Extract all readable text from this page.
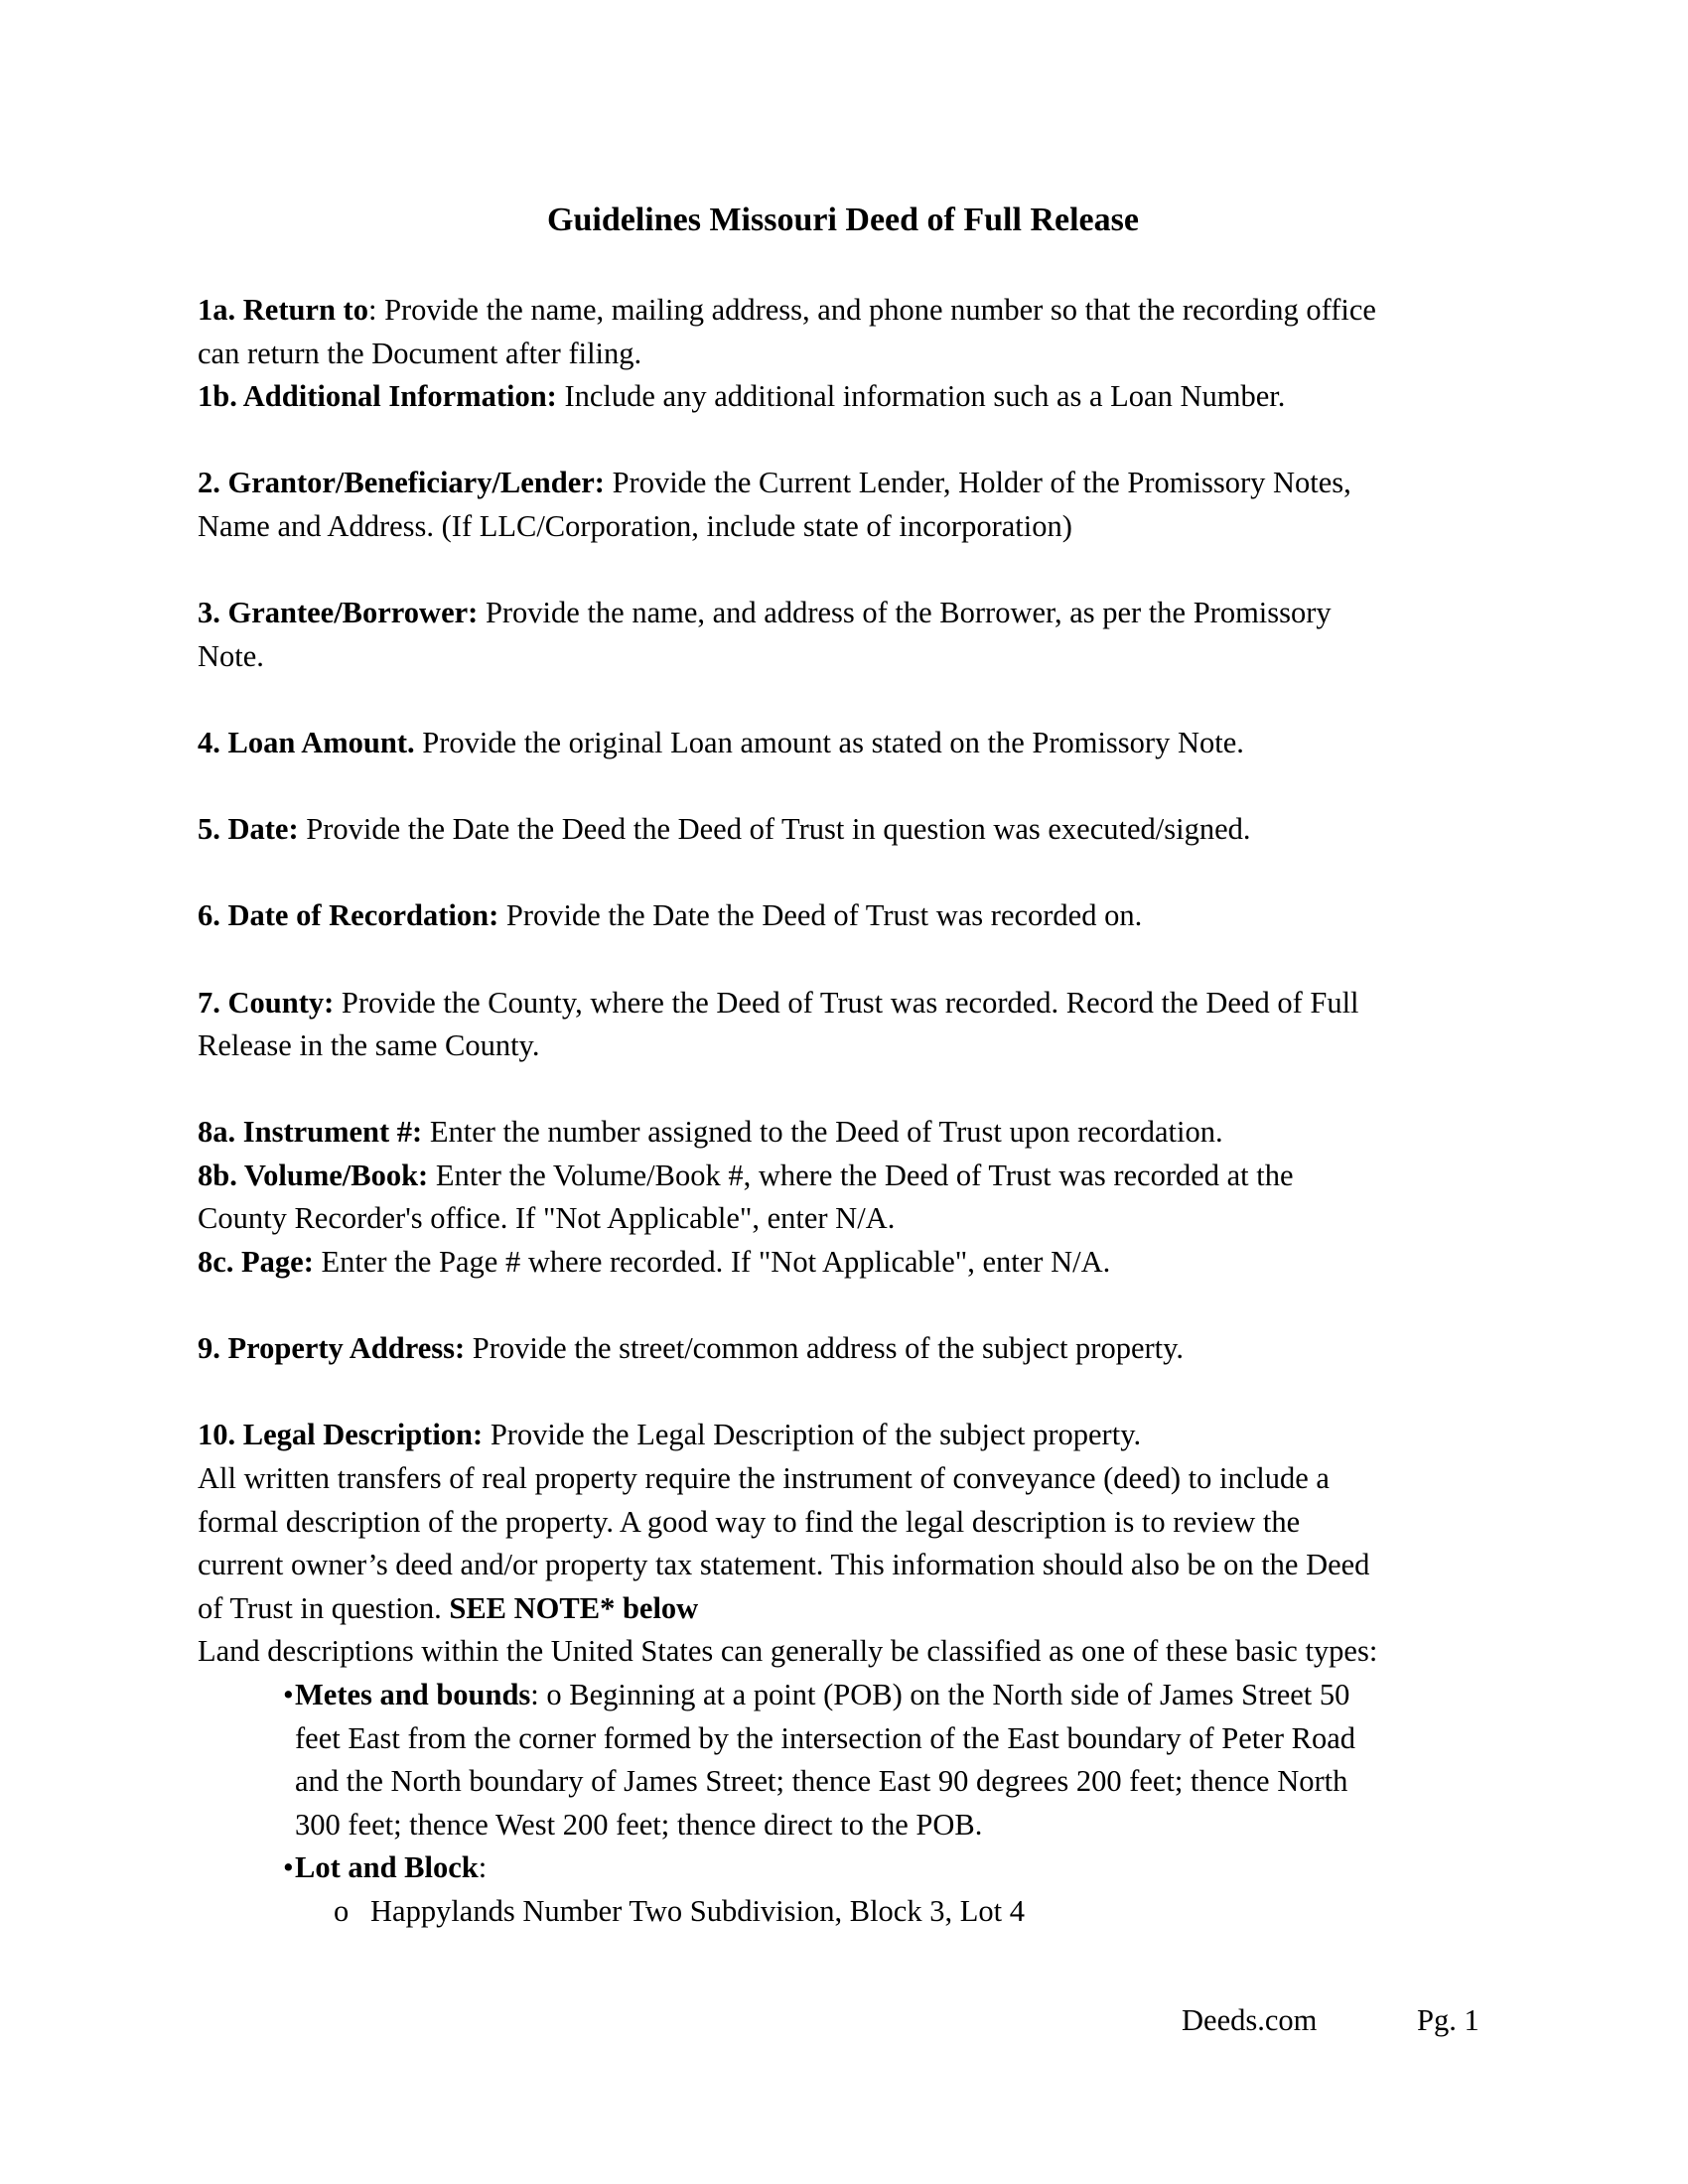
Guidelines Missouri Deed of Full Release
1a. Return to: Provide the name, mailing address, and phone number so that the recording office
can return the Document after filing.
1b. Additional Information: Include any additional information such as a Loan Number.
2. Grantor/Beneficiary/Lender: Provide the Current Lender, Holder of the Promissory Notes,
Name and Address. (If LLC/Corporation, include state of incorporation)
3. Grantee/Borrower: Provide the name, and address of the Borrower, as per the Promissory
Note.
4. Loan Amount. Provide the original Loan amount as stated on the Promissory Note.
5. Date: Provide the Date the Deed the Deed of Trust in question was executed/signed.
6. Date of Recordation: Provide the Date the Deed of Trust was recorded on.
7. County: Provide the County, where the Deed of Trust was recorded. Record the Deed of Full
Release in the same County.
8a. Instrument #: Enter the number assigned to the Deed of Trust upon recordation.
8b. Volume/Book: Enter the Volume/Book #, where the Deed of Trust was recorded at the
County Recorder's office. If "Not Applicable", enter N/A.
8c. Page: Enter the Page # where recorded. If "Not Applicable", enter N/A.
9. Property Address: Provide the street/common address of the subject property.
10. Legal Description: Provide the Legal Description of the subject property.
All written transfers of real property require the instrument of conveyance (deed) to include a
formal description of the property. A good way to find the legal description is to review the
current owner’s deed and/or property tax statement. This information should also be on the Deed
of Trust in question. SEE NOTE* below
Land descriptions within the United States can generally be classified as one of these basic types:
•Metes and bounds: o Beginning at a point (POB) on the North side of James Street 50
feet East from the corner formed by the intersection of the East boundary of Peter Road
and the North boundary of James Street; thence East 90 degrees 200 feet; thence North
300 feet; thence West 200 feet; thence direct to the POB.
•Lot and Block:
o Happylands Number Two Subdivision, Block 3, Lot 4
Deeds.com	Pg. 1
